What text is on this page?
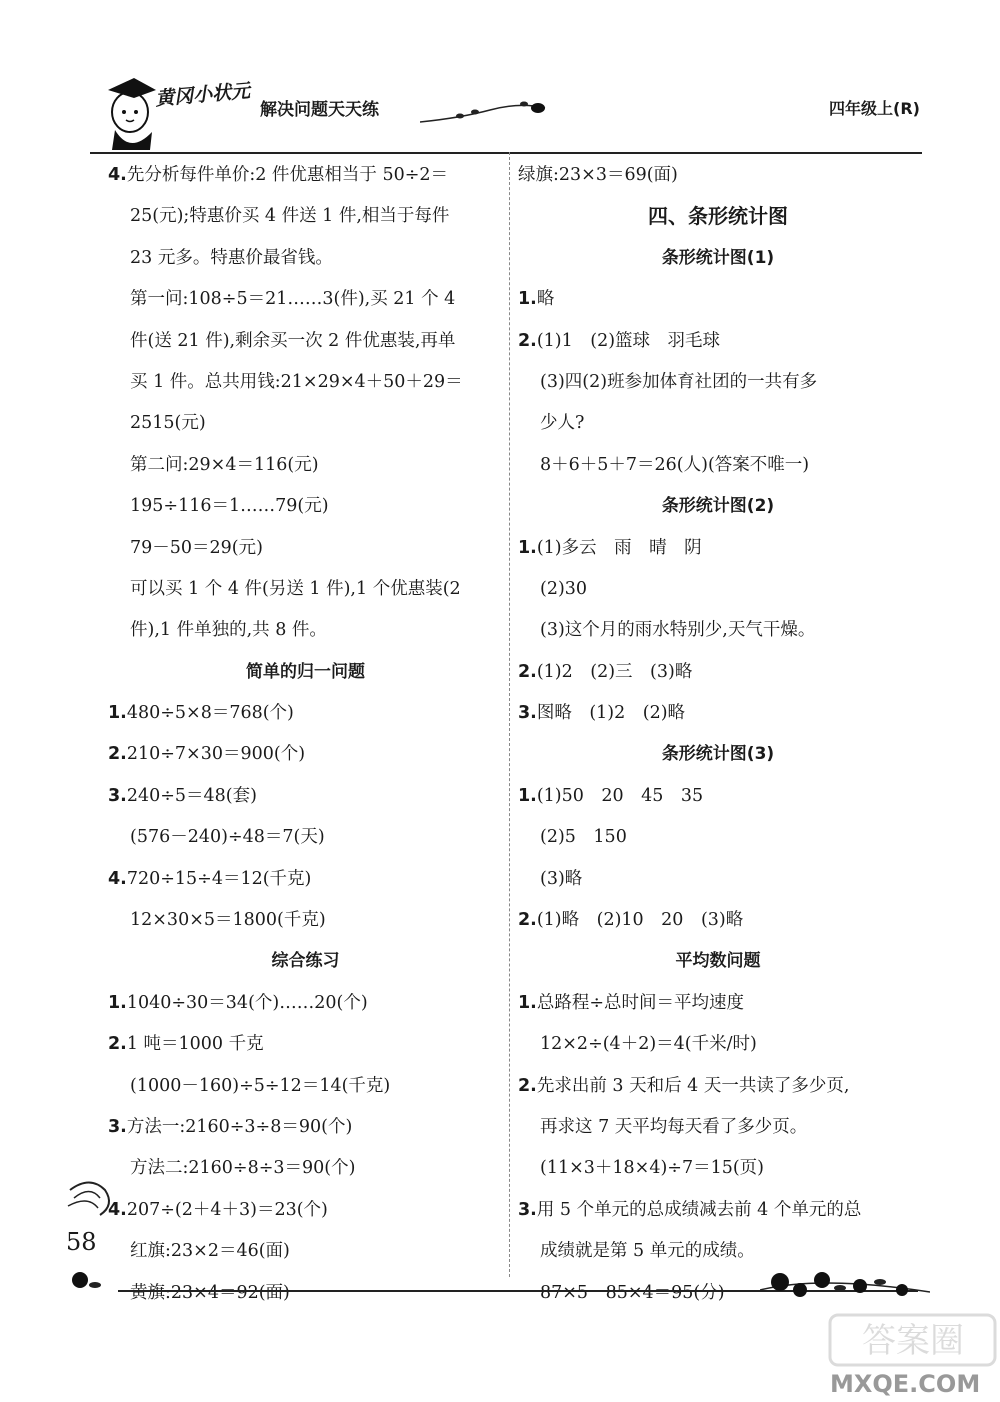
黄冈小状元 解决问题天天练	四年级上(R)
4.先分析每件单价:2 件优惠相当于 50÷2＝
25(元);特惠价买 4 件送 1 件,相当于每件
23 元多。特惠价最省钱。
第一问:108÷5＝21……3(件),买 21 个 4
件(送 21 件),剩余买一次 2 件优惠装,再单
买 1 件。总共用钱:21×29×4＋50＋29＝
2515(元)
第二问:29×4＝116(元)
195÷116＝1……79(元)
79－50＝29(元)
可以买 1 个 4 件(另送 1 件),1 个优惠装(2
件),1 件单独的,共 8 件。
简单的归一问题
1.480÷5×8＝768(个)
2.210÷7×30＝900(个)
3.240÷5＝48(套)
(576－240)÷48＝7(天)
4.720÷15÷4＝12(千克)
12×30×5＝1800(千克)
综合练习
1.1040÷30＝34(个)……20(个)
2.1 吨＝1000 千克
(1000－160)÷5÷12＝14(千克)
3.方法一:2160÷3÷8＝90(个)
方法二:2160÷8÷3＝90(个)
4.207÷(2＋4＋3)＝23(个)
红旗:23×2＝46(面)
黄旗:23×4＝92(面)
绿旗:23×3＝69(面)
四、条形统计图
条形统计图(1)
1.略
2.(1)1　(2)篮球　羽毛球
(3)四(2)班参加体育社团的一共有多
少人?
8＋6＋5＋7＝26(人)(答案不唯一)
条形统计图(2)
1.(1)多云　雨　晴　阴
(2)30
(3)这个月的雨水特别少,天气干燥。
2.(1)2　(2)三　(3)略
3.图略　(1)2　(2)略
条形统计图(3)
1.(1)50　20　45　35
(2)5　150
(3)略
2.(1)略　(2)10　20　(3)略
平均数问题
1.总路程÷总时间＝平均速度
12×2÷(4＋2)＝4(千米/时)
2.先求出前 3 天和后 4 天一共读了多少页,
再求这 7 天平均每天看了多少页。
(11×3＋18×4)÷7＝15(页)
3.用 5 个单元的总成绩减去前 4 个单元的总
成绩就是第 5 单元的成绩。
87×5－85×4＝95(分)
58
答案圈
MXQE.COM
